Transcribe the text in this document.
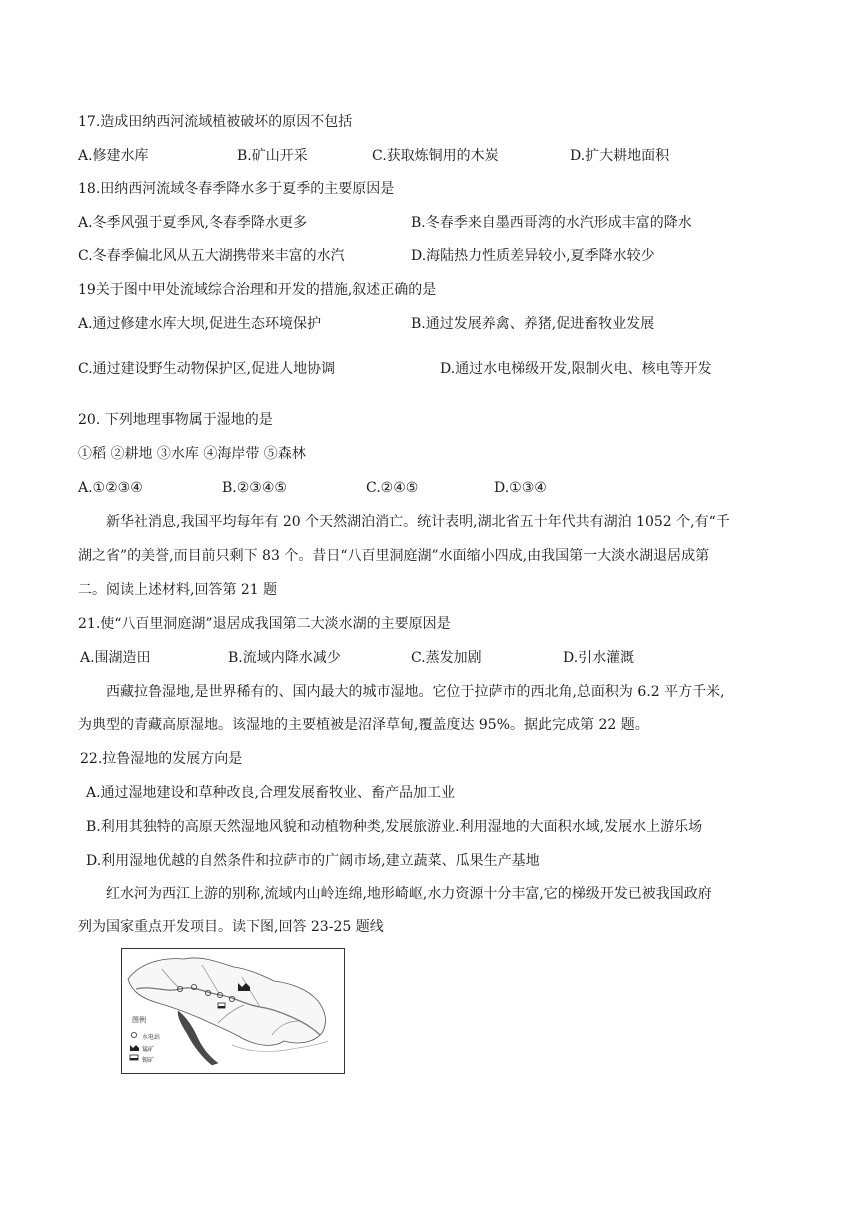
17.造成田纳西河流域植被破坏的原因不包括
A.修建水库	B.矿山开采	C.获取炼铜用的木炭	D.扩大耕地面积
18.田纳西河流域冬春季降水多于夏季的主要原因是
A.冬季风强于夏季风,冬春季降水更多	B.冬春季来自墨西哥湾的水汽形成丰富的降水
C.冬春季偏北风从五大湖携带来丰富的水汽	D.海陆热力性质差异较小,夏季降水较少
19关于图中甲处流域综合治理和开发的措施,叙述正确的是
A.通过修建水库大坝,促进生态环境保护	B.通过发展养禽、养猪,促进畜牧业发展
C.通过建设野生动物保护区,促进人地协调	D.通过水电梯级开发,限制火电、核电等开发
20. 下列地理事物属于湿地的是
①稻 ②耕地 ③水库 ④海岸带 ⑤森林
A.①②③④	B.②③④⑤	C.②④⑤	D.①③④
新华社消息,我国平均每年有 20 个天然湖泊消亡。统计表明,湖北省五十年代共有湖泊 1052 个,有“千
湖之省”的美誉,而目前只剩下 83 个。昔日“八百里洞庭湖”水面缩小四成,由我国第一大淡水湖退居成第
二。阅读上述材料,回答第 21 题
21.使“八百里洞庭湖”退居成我国第二大淡水湖的主要原因是
A.围湖造田	B.流域内降水减少	C.蒸发加剧	D.引水灌溉
西藏拉鲁湿地,是世界稀有的、国内最大的城市湿地。它位于拉萨市的西北角,总面积为 6.2 平方千米,
为典型的青藏高原湿地。该湿地的主要植被是沼泽草甸,覆盖度达 95%。据此完成第 22 题。
22.拉鲁湿地的发展方向是
A.通过湿地建设和草种改良,合理发展畜牧业、畜产品加工业
B.利用其独特的高原天然湿地风貌和动植物种类,发展旅游业.利用湿地的大面积水域,发展水上游乐场
D.利用湿地优越的自然条件和拉萨市的广阔市场,建立蔬菜、瓜果生产基地
红水河为西江上游的别称,流域内山岭连绵,地形崎岖,水力资源十分丰富,它的梯级开发已被我国政府
列为国家重点开发项目。读下图,回答 23-25 题线
图例
水电站
锰矿
锡矿
